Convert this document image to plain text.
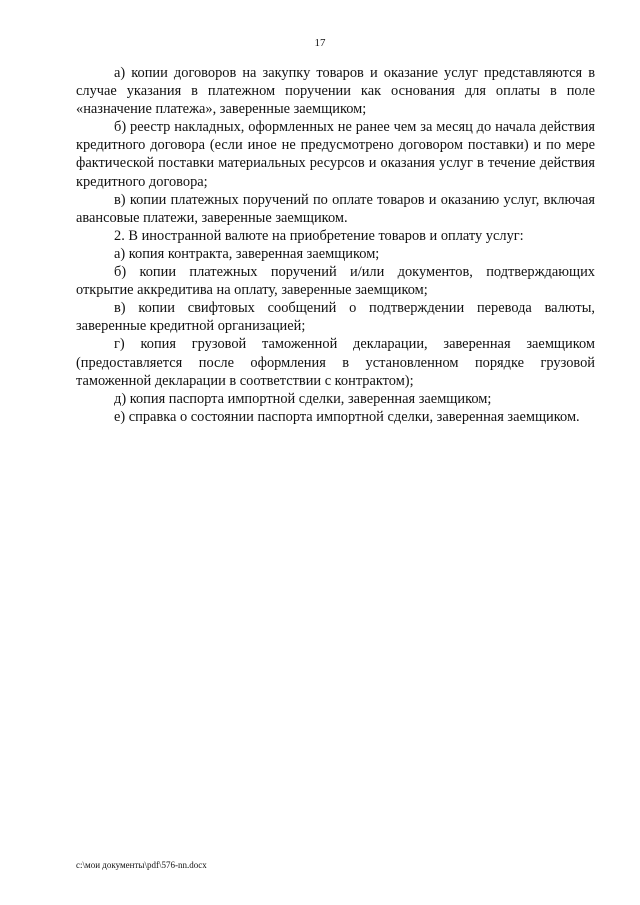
17

а) копии договоров на закупку товаров и оказание услуг представляются в случае указания в платежном поручении как основания для оплаты в поле «назначение платежа», заверенные заемщиком;

б) реестр накладных, оформленных не ранее чем за месяц до начала действия кредитного договора (если иное не предусмотрено договором поставки) и по мере фактической поставки материальных ресурсов и оказания услуг в течение действия кредитного договора;

в) копии платежных поручений по оплате товаров и оказанию услуг, включая авансовые платежи, заверенные заемщиком.

2. В иностранной валюте на приобретение товаров и оплату услуг:

а) копия контракта, заверенная заемщиком;

б) копии платежных поручений и/или документов, подтверждающих открытие аккредитива на оплату, заверенные заемщиком;

в) копии свифтовых сообщений о подтверждении перевода валюты, заверенные кредитной организацией;

г) копия грузовой таможенной декларации, заверенная заемщиком (предоставляется после оформления в установленном порядке грузовой таможенной декларации в соответствии с контрактом);

д) копия паспорта импортной сделки, заверенная заемщиком;

е) справка о состоянии паспорта импортной сделки, заверенная заемщиком.

c:\мои документы\pdf\576-nn.docx
